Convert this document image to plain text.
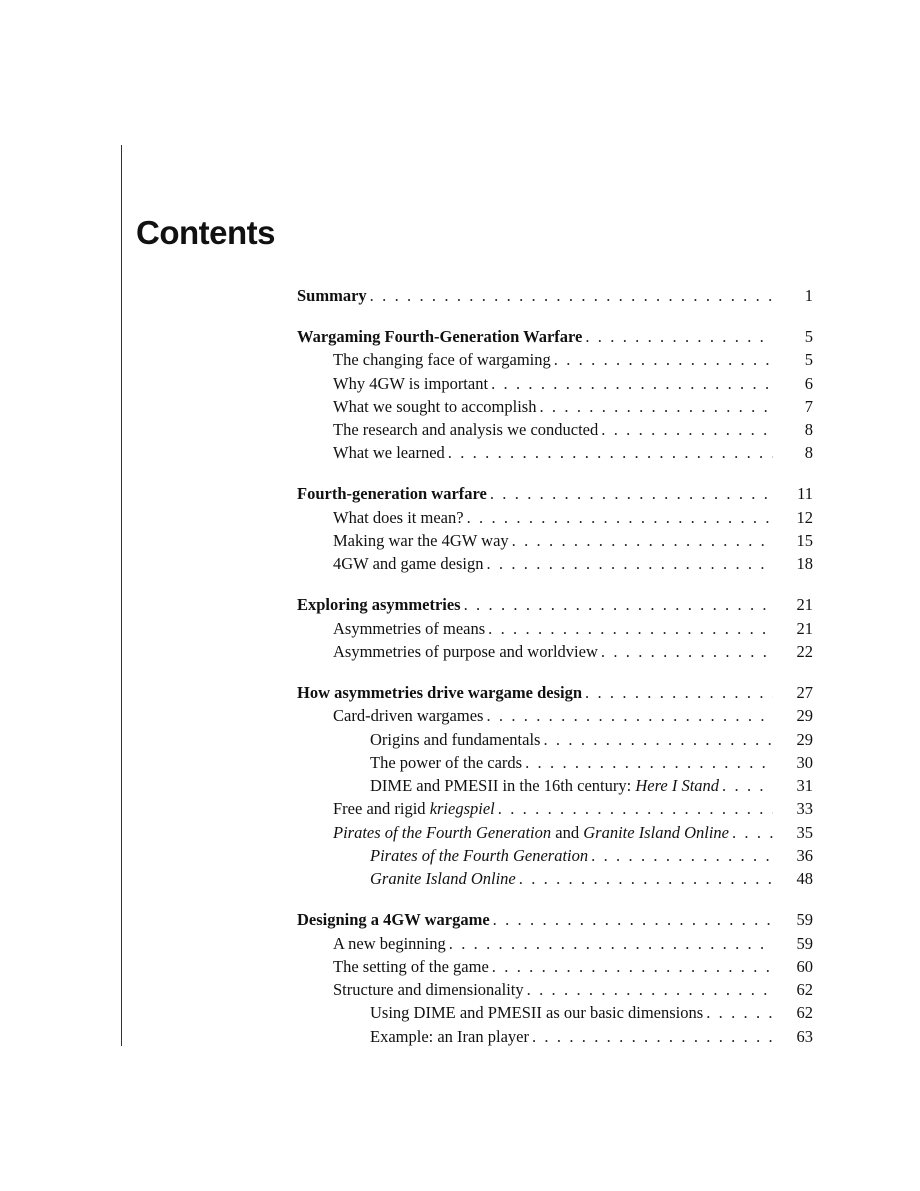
Contents
Summary . . .	1
Wargaming Fourth-Generation Warfare . . .	5
The changing face of wargaming . . .	5
Why 4GW is important . . .	6
What we sought to accomplish . . .	7
The research and analysis we conducted . . .	8
What we learned . . .	8
Fourth-generation warfare . . .	11
What does it mean? . . .	12
Making war the 4GW way . . .	15
4GW and game design . . .	18
Exploring asymmetries . . .	21
Asymmetries of means . . .	21
Asymmetries of purpose and worldview . . .	22
How asymmetries drive wargame design . . .	27
Card-driven wargames . . .	29
Origins and fundamentals . . .	29
The power of the cards . . .	30
DIME and PMESII in the 16th century: Here I Stand . . .	31
Free and rigid kriegspiel . . .	33
Pirates of the Fourth Generation and Granite Island Online . . .	35
Pirates of the Fourth Generation . . .	36
Granite Island Online . . .	48
Designing a 4GW wargame . . .	59
A new beginning . . .	59
The setting of the game . . .	60
Structure and dimensionality . . .	62
Using DIME and PMESII as our basic dimensions . . .	62
Example: an Iran player . . .	63
